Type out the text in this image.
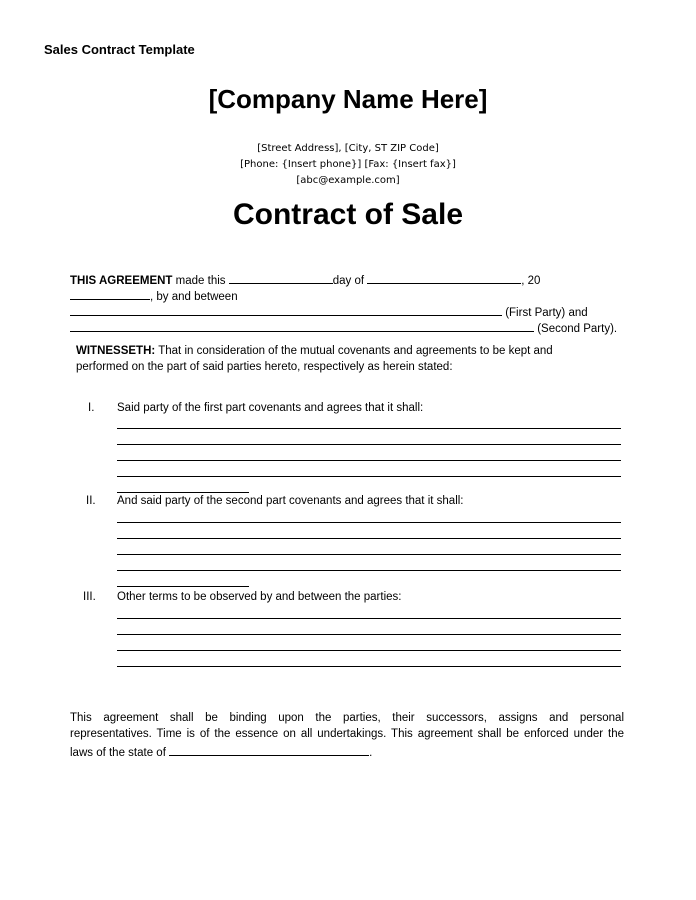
Sales Contract Template
[Company Name Here]
[Street Address], [City, ST ZIP Code]
[Phone: {Insert phone}] [Fax: {Insert fax}]
[abc@example.com]
Contract of Sale
THIS AGREEMENT made this	day of	, 20
, by and between
(First Party) and
(Second Party).
WITNESSETH: That in consideration of the mutual covenants and agreements to be kept and
performed on the part of said parties hereto, respectively as herein stated:
I. Said party of the first part covenants and agrees that it shall:
II. And said party of the second part covenants and agrees that it shall:
III. Other terms to be observed by and between the parties:
This agreement shall be binding upon the parties, their successors, assigns and personal
representatives. Time is of the essence on all undertakings. This agreement shall be enforced under the
laws of the state of	.
